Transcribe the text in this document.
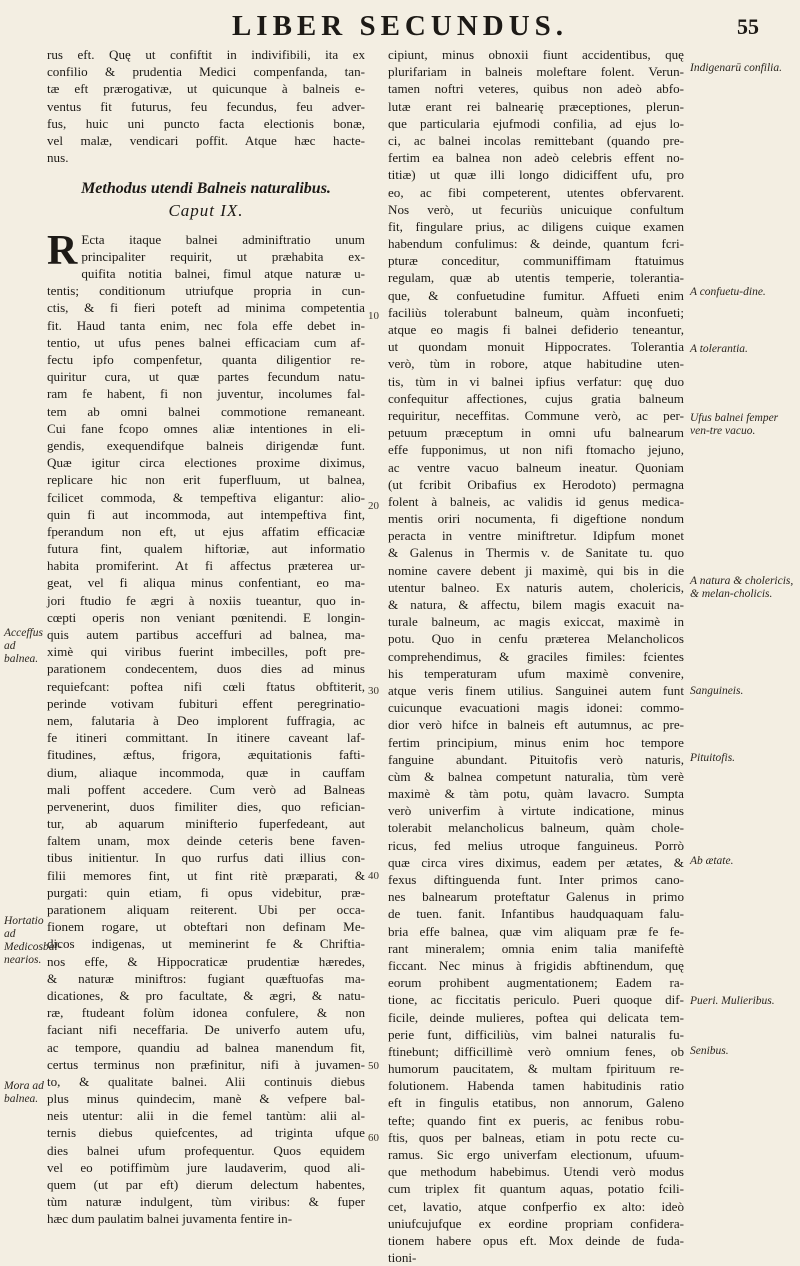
LIBER SECUNDUS.	55
rus eft. Quę ut confiftit in indivifibili, ita ex
confilio & prudentia Medici compenfanda, tan-
tæ eft prærogativæ, ut quicunque à balneis e-
ventus fit futurus, feu fecundus, feu adver-
fus, huic uni puncto facta electionis bonæ,
vel malæ, vendicari poffit. Atque hæc hacte-
nus.
Methodus utendi Balneis naturalibus.
Caput IX.
R Ecta itaque balnei adminiftratio unum
principaliter requirit, ut præhabita ex-
quifita notitia balnei, fimul atque naturæ u-
tentis; conditionum utriufque propria in cun-
ctis, & fi fieri poteft ad minima competentia
fit. Haud tanta enim, nec fola effe debet in-
tentio, ut ufus penes balnei efficaciam cum af-
fectu ipfo compenfetur, quanta diligentior re-
quiritur cura, ut quæ partes fecundum natu-
ram fe habent, fi non juventur, incolumes fal-
tem ab omni balnei commotione remaneant.
Cui fane fcopo omnes aliæ intentiones in eli-
gendis, exequendifque balneis dirigendæ funt.
Quæ igitur circa electiones proxime diximus,
replicare hic non erit fuperfluum, ut balnea,
fcilicet commoda, & tempeftiva eligantur: alio-
quin fi aut incommoda, aut intempeftiva fint,
fperandum non eft, ut ejus affatim efficaciæ
futura fint, qualem hiftoriæ, aut informatio
habita promiferint. At fi affectus præterea ur-
geat, vel fi aliqua minus confentiant, eo ma-
jori ftudio fe ægri à noxiis tueantur, quo in-
cœpti operis non veniant pœnitendi. E longin-
quis autem partibus acceffuri ad balnea, ma-
ximè qui viribus fuerint imbecilles, poft pre-
parationem condecentem, duos dies ad minus
requiefcant: poftea nifi cœli ftatus obftiterit,
perinde votivam fubituri effent peregrinatio-
nem, falutaria à Deo implorent fuffragia, ac
fe itineri committant. In itinere caveant laf-
fitudines, æftus, frigora, æquitationis fafti-
dium, aliaque incommoda, quæ in cauffam
mali poffent accedere. Cum verò ad Balneas
pervenerint, duos fimiliter dies, quo refician-
tur, ab aquarum minifterio fuperfedeant, aut
faltem unam, mox deinde ceteris bene faven-
tibus initientur. In quo rurfus dati illius con-
filii memores fint, ut fint ritè præparati, &
purgati: quin etiam, fi opus videbitur, præ-
parationem aliquam reiterent. Ubi per occa-
fionem rogare, ut obteftari non definam Me-
dicos indigenas, ut meminerint fe & Chriftia-
nos effe, & Hippocraticæ prudentiæ hæredes,
& naturæ miniftros: fugiant quæftuofas ma-
dicationes, & pro facultate, & ægri, & natu-
ræ, ftudeant folùm idonea confulere, & non
faciant nifi neceffaria. De univerfo autem ufu,
ac tempore, quandiu ad balnea manendum fit,
certus terminus non præfinitur, nifi à juvamen-
to, & qualitate balnei. Alii continuis diebus
plus minus quindecim, manè & vefpere bal-
neis utentur: alii in die femel tantùm: alii al-
ternis diebus quiefcentes, ad triginta ufque
dies balnei ufum profequentur. Quos equidem
vel eo potiffimùm jure laudaverim, quod ali-
quem (ut par eft) dierum delectum habentes,
tùm naturæ indulgent, tùm viribus: & fuper
hæc dum paulatim balnei juvamenta fentire in-
cipiunt, minus obnoxii fiunt accidentibus, quę
plurifariam in balneis moleftare folent. Verun-
tamen noftri veteres, quibus non adeò abfo-
lutæ erant rei balnearię præceptiones, plerun-
que particularia ejufmodi confilia, ad ejus lo-
ci, ac balnei incolas remittebant (quando pre-
fertim ea balnea non adeò celebris effent no-
titiæ) ut quæ illi longo didiciffent ufu, pro
eo, ac fibi competerent, utentes obfervarent.
Nos verò, ut fecuriùs unicuique confultum
fit, fingulare prius, ac diligens cuique examen
habendum confulimus: & deinde, quantum fcri-
pturæ conceditur, communiffimam ftatuimus
regulam, quæ ab utentis temperie, tolerantia-
que, & confuetudine fumitur. Affueti enim
faciliùs tolerabunt balneum, quàm inconfueti;
atque eo magis fi balnei defiderio teneantur,
ut quondam monuit Hippocrates. Tolerantia
verò, tùm in robore, atque habitudine uten-
tis, tùm in vi balnei ipfius verfatur: quę duo
confequitur affectiones, cujus gratia balneum
requiritur, neceffitas. Commune verò, ac per-
petuum præceptum in omni ufu balnearum
effe fupponimus, ut non nifi ftomacho jejuno,
ac ventre vacuo balneum ineatur. Quoniam
(ut fcribit Oribafius ex Herodoto) permagna
folent à balneis, ac validis id genus medica-
mentis oriri nocumenta, fi digeftione nondum
peracta in ventre miniftretur. Idipfum monet
& Galenus in Thermis v. de Sanitate tu. quo
nomine cavere debent ji maximè, qui bis in die
utentur balneo. Ex naturis autem, cholericis,
& natura, & affectu, bilem magis exacuit na-
turale balneum, ac magis exiccat, maximè in
potu. Quo in cenfu præterea Melancholicos
comprehendimus, & graciles fimiles: fcientes
his temperaturam ufum maximè convenire,
atque veris finem utilius. Sanguinei autem funt
cuicunque evacuationi magis idonei: commo-
dior verò hifce in balneis eft autumnus, ac pre-
fertim principium, minus enim hoc tempore
fanguine abundant. Pituitofis verò naturis,
cùm & balnea competunt naturalia, tùm verè
maximè & tàm potu, quàm lavacro. Sumpta
verò univerfim à virtute indicatione, minus
tolerabit melancholicus balneum, quàm chole-
ricus, fed melius utroque fanguineus. Porrò
quæ circa vires diximus, eadem per ætates, &
fexus diftinguenda funt. Inter primos cano-
nes balnearum proteftatur Galenus in primo
de tuen. fanit. Infantibus haudquaquam falu-
bria effe balnea, quæ vim aliquam præ fe fe-
rant mineralem; omnia enim talia manifeftè
ficcant. Nec minus à frigidis abftinendum, quę
eorum prohibent augmentationem; Eadem ra-
tione, ac ficcitatis periculo. Pueri quoque dif-
ficile, deinde mulieres, poftea qui delicata tem-
perie funt, difficiliùs, vim balnei naturalis fu-
ftinebunt; difficillimè verò omnium fenes, ob
humorum paucitatem, & multam fpirituum re-
folutionem. Habenda tamen habitudinis ratio
eft in fingulis etatibus, non annorum, Galeno
tefte; quando fint ex pueris, ac fenibus robu-
ftis, quos per balneas, etiam in potu recte cu-
ramus. Sic ergo univerfam electionum, ufuum-
que methodum habebimus. Utendi verò modus
cum triplex fit quantum aquas, potatio fcili-
cet, lavatio, atque confperfio ex alto: ideò
uniufcujufque ex eordine propriam confidera-
tionem habere opus eft. Mox deinde de fuda-
tioni-
10
20
30
40
50
60
Acceffus ad balnea.
Hortatio ad Medicosbal-nearios.
Mora ad balnea.
Indigenarū confilia.
A confuetu-dine.
A tolerantia.
Ufus balnei femper ven-tre vacuo.
A natura & cholericis, & melan-cholicis.
Sanguineis.
Pituitofis.
Ab ætate.
Pueri. Mulieribus.
Senibus.
